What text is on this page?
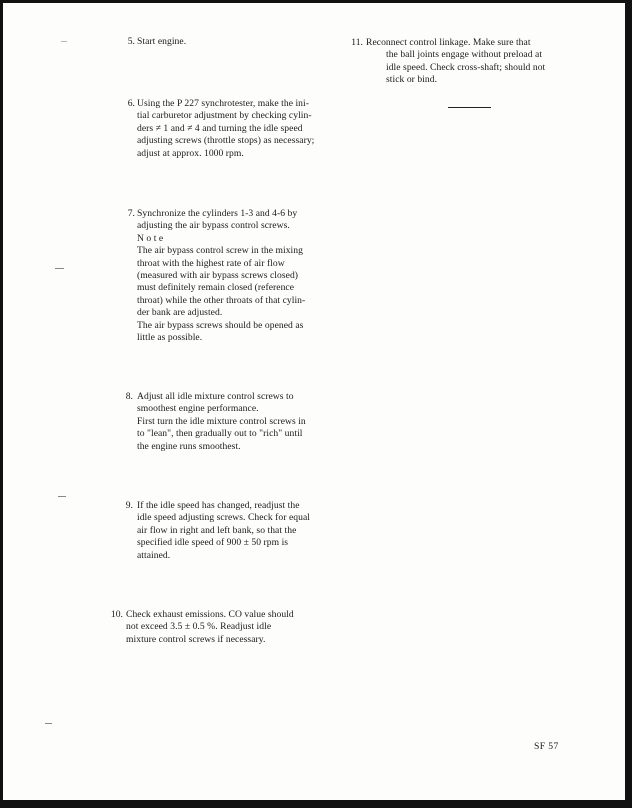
5. Start engine.
6. Using the P 227 synchrotester, make the ini-
tial carburetor adjustment by checking cylin-
ders ≠ 1 and ≠ 4 and turning the idle speed
adjusting screws (throttle stops) as necessary;
adjust at approx. 1000 rpm.
7. Synchronize the cylinders 1-3 and 4-6 by
adjusting the air bypass control screws.
N o t e
The air bypass control screw in the mixing
throat with the highest rate of air flow
(measured with air bypass screws closed)
must definitely remain closed (reference
throat) while the other throats of that cylin-
der bank are adjusted.
The air bypass screws should be opened as
little as possible.
8. Adjust all idle mixture control screws to
smoothest engine performance.
First turn the idle mixture control screws in
to "lean", then gradually out to "rich" until
the engine runs smoothest.
9. If the idle speed has changed, readjust the
idle speed adjusting screws. Check for equal
air flow in right and left bank, so that the
specified idle speed of 900 ± 50 rpm is
attained.
10. Check exhaust emissions. CO value should
not exceed 3.5 ± 0.5 %. Readjust idle
mixture control screws if necessary.
11. Reconnect control linkage. Make sure that
the ball joints engage without preload at
idle speed. Check cross-shaft; should not
stick or bind.
SF 57
